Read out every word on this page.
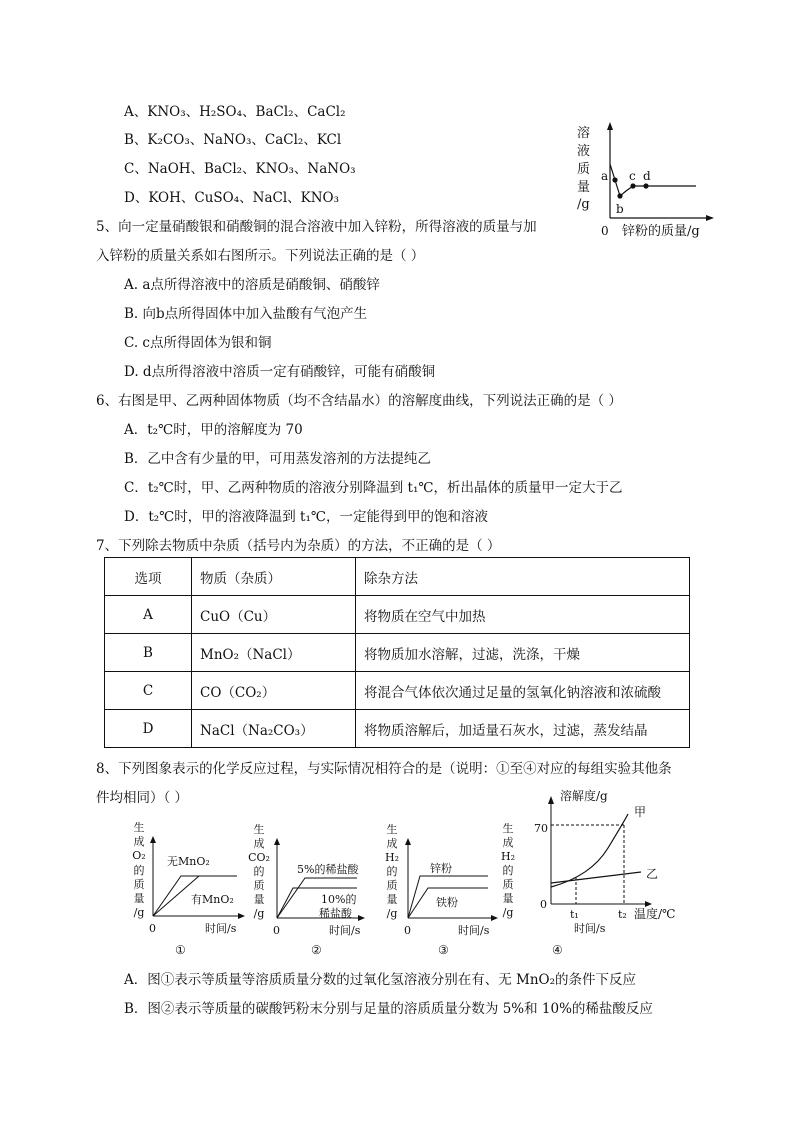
A、KNO₃、H₂SO₄、BaCl₂、CaCl₂
B、K₂CO₃、NaNO₃、CaCl₂、KCl
C、NaOH、BaCl₂、KNO₃、NaNO₃
D、KOH、CuSO₄、NaCl、KNO₃
溶
液
质
量
/g
a
b
c d
0 锌粉的质量/g
5、向一定量硝酸银和硝酸铜的混合溶液中加入锌粉，所得溶液的质量与加
入锌粉的质量关系如右图所示。下列说法正确的是（ ）
A. a点所得溶液中的溶质是硝酸铜、硝酸锌
B. 向b点所得固体中加入盐酸有气泡产生
C. c点所得固体为银和铜
D. d点所得溶液中溶质一定有硝酸锌，可能有硝酸铜
6、右图是甲、乙两种固体物质（均不含结晶水）的溶解度曲线，下列说法正确的是（ ）
A．t₂℃时，甲的溶解度为 70
B．乙中含有少量的甲，可用蒸发溶剂的方法提纯乙
C．t₂℃时，甲、乙两种物质的溶液分别降温到 t₁℃，析出晶体的质量甲一定大于乙
D．t₂℃时，甲的溶液降温到 t₁℃，一定能得到甲的饱和溶液
7、下列除去物质中杂质（括号内为杂质）的方法，不正确的是（ ）
选项	物质（杂质）	除杂方法
A	CuO（Cu）	将物质在空气中加热
B	MnO₂（NaCl）	将物质加水溶解，过滤，洗涤，干燥
C	CO（CO₂）	将混合气体依次通过足量的氢氧化钠溶液和浓硫酸
D	NaCl（Na₂CO₃）	将物质溶解后，加适量石灰水，过滤，蒸发结晶
8、下列图象表示的化学反应过程，与实际情况相符合的是（说明：①至④对应的每组实验其他条
件均相同）（ ）
生
成
O₂
的
质
量
/g
无MnO₂
有MnO₂
0	时间/s
①
生
成
CO₂
的
质
量
/g
5%的稀盐酸
10%的
稀盐酸
0	时间/s
②
生
成
H₂
的
质
量
/g
锌粉
铁粉
0	时间/s
③
生
成
H₂
的
质
量
/g
溶解度/g
70
0
甲
乙
t₁	t₂ 温度/℃
时间/s
④
A．图①表示等质量等溶质质量分数的过氧化氢溶液分别在有、无 MnO₂的条件下反应
B．图②表示等质量的碳酸钙粉末分别与足量的溶质质量分数为 5%和 10%的稀盐酸反应
